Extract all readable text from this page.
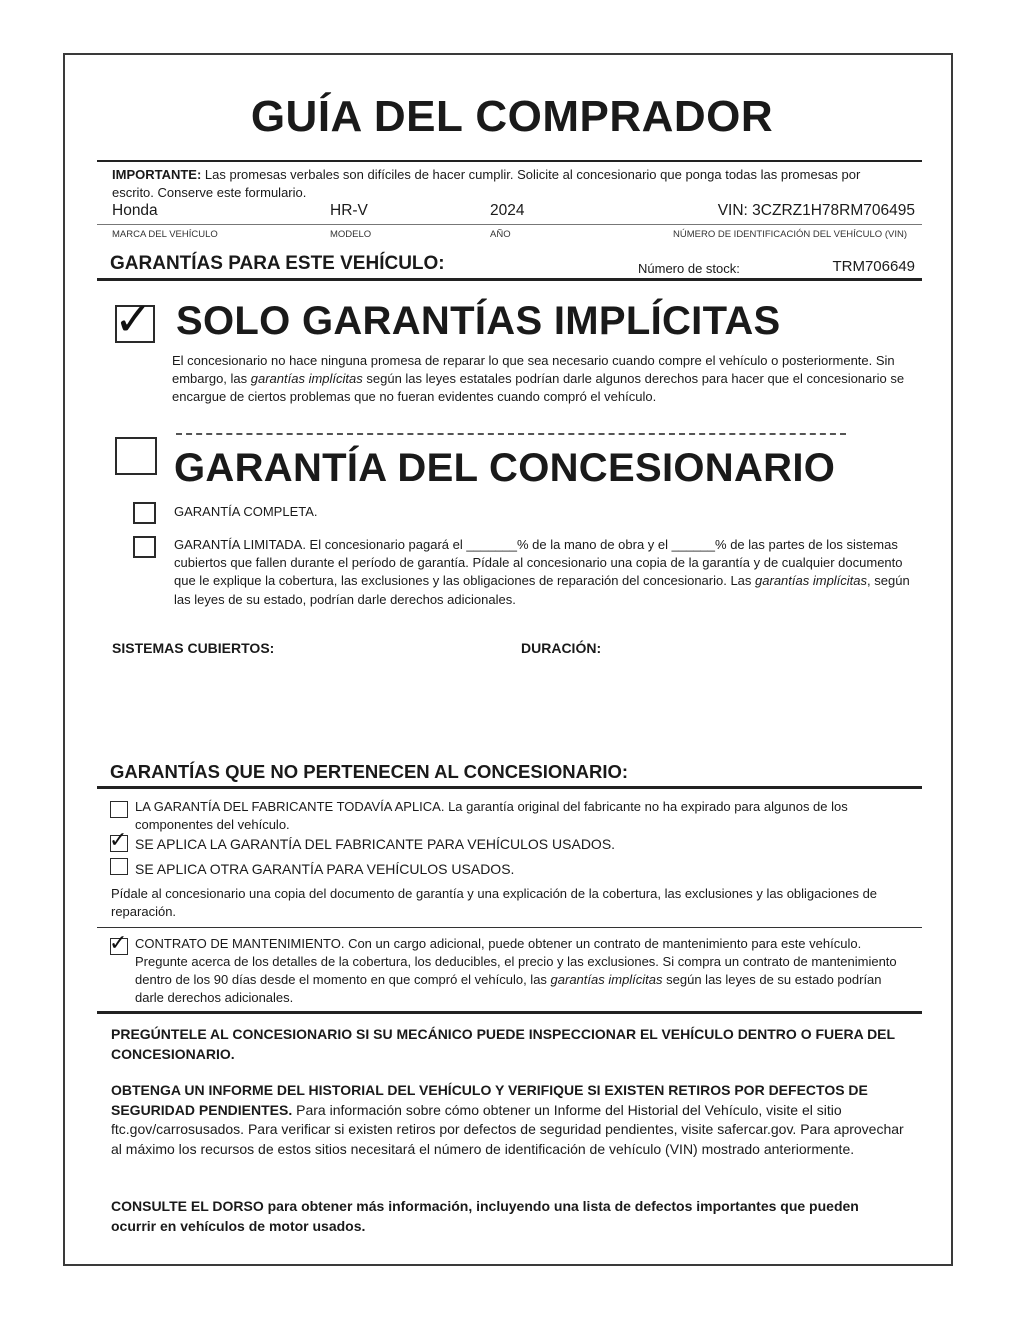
GUÍA DEL COMPRADOR
IMPORTANTE: Las promesas verbales son difíciles de hacer cumplir. Solicite al concesionario que ponga todas las promesas por escrito. Conserve este formulario.
Honda	HR-V	2024	VIN: 3CZRZ1H78RM706495
MARCA DEL VEHÍCULO	MODELO	AÑO	NÚMERO DE IDENTIFICACIÓN DEL VEHÍCULO (VIN)
GARANTÍAS PARA ESTE VEHÍCULO:	Número de stock:	TRM706649
✓ SOLO GARANTÍAS IMPLÍCITAS
El concesionario no hace ninguna promesa de reparar lo que sea necesario cuando compre el vehículo o posteriormente. Sin embargo, las garantías implícitas según las leyes estatales podrían darle algunos derechos para hacer que el concesionario se encargue de ciertos problemas que no fueran evidentes cuando compró el vehículo.
GARANTÍA DEL CONCESIONARIO
GARANTÍA COMPLETA.
GARANTÍA LIMITADA. El concesionario pagará el _______% de la mano de obra y el ______% de las partes de los sistemas cubiertos que fallen durante el período de garantía. Pídale al concesionario una copia de la garantía y de cualquier documento que le explique la cobertura, las exclusiones y las obligaciones de reparación del concesionario. Las garantías implícitas, según las leyes de su estado, podrían darle derechos adicionales.
SISTEMAS CUBIERTOS:	DURACIÓN:
GARANTÍAS QUE NO PERTENECEN AL CONCESIONARIO:
LA GARANTÍA DEL FABRICANTE TODAVÍA APLICA. La garantía original del fabricante no ha expirado para algunos de los componentes del vehículo.
✓ SE APLICA LA GARANTÍA DEL FABRICANTE PARA VEHÍCULOS USADOS.
SE APLICA OTRA GARANTÍA PARA VEHÍCULOS USADOS.
Pídale al concesionario una copia del documento de garantía y una explicación de la cobertura, las exclusiones y las obligaciones de reparación.
✓ CONTRATO DE MANTENIMIENTO. Con un cargo adicional, puede obtener un contrato de mantenimiento para este vehículo. Pregunte acerca de los detalles de la cobertura, los deducibles, el precio y las exclusiones. Si compra un contrato de mantenimiento dentro de los 90 días desde el momento en que compró el vehículo, las garantías implícitas según las leyes de su estado podrían darle derechos adicionales.
PREGÚNTELE AL CONCESIONARIO SI SU MECÁNICO PUEDE INSPECCIONAR EL VEHÍCULO DENTRO O FUERA DEL CONCESIONARIO.
OBTENGA UN INFORME DEL HISTORIAL DEL VEHÍCULO Y VERIFIQUE SI EXISTEN RETIROS POR DEFECTOS DE SEGURIDAD PENDIENTES. Para información sobre cómo obtener un Informe del Historial del Vehículo, visite el sitio ftc.gov/carrosusados. Para verificar si existen retiros por defectos de seguridad pendientes, visite safercar.gov. Para aprovechar al máximo los recursos de estos sitios necesitará el número de identificación de vehículo (VIN) mostrado anteriormente.
CONSULTE EL DORSO para obtener más información, incluyendo una lista de defectos importantes que pueden ocurrir en vehículos de motor usados.
